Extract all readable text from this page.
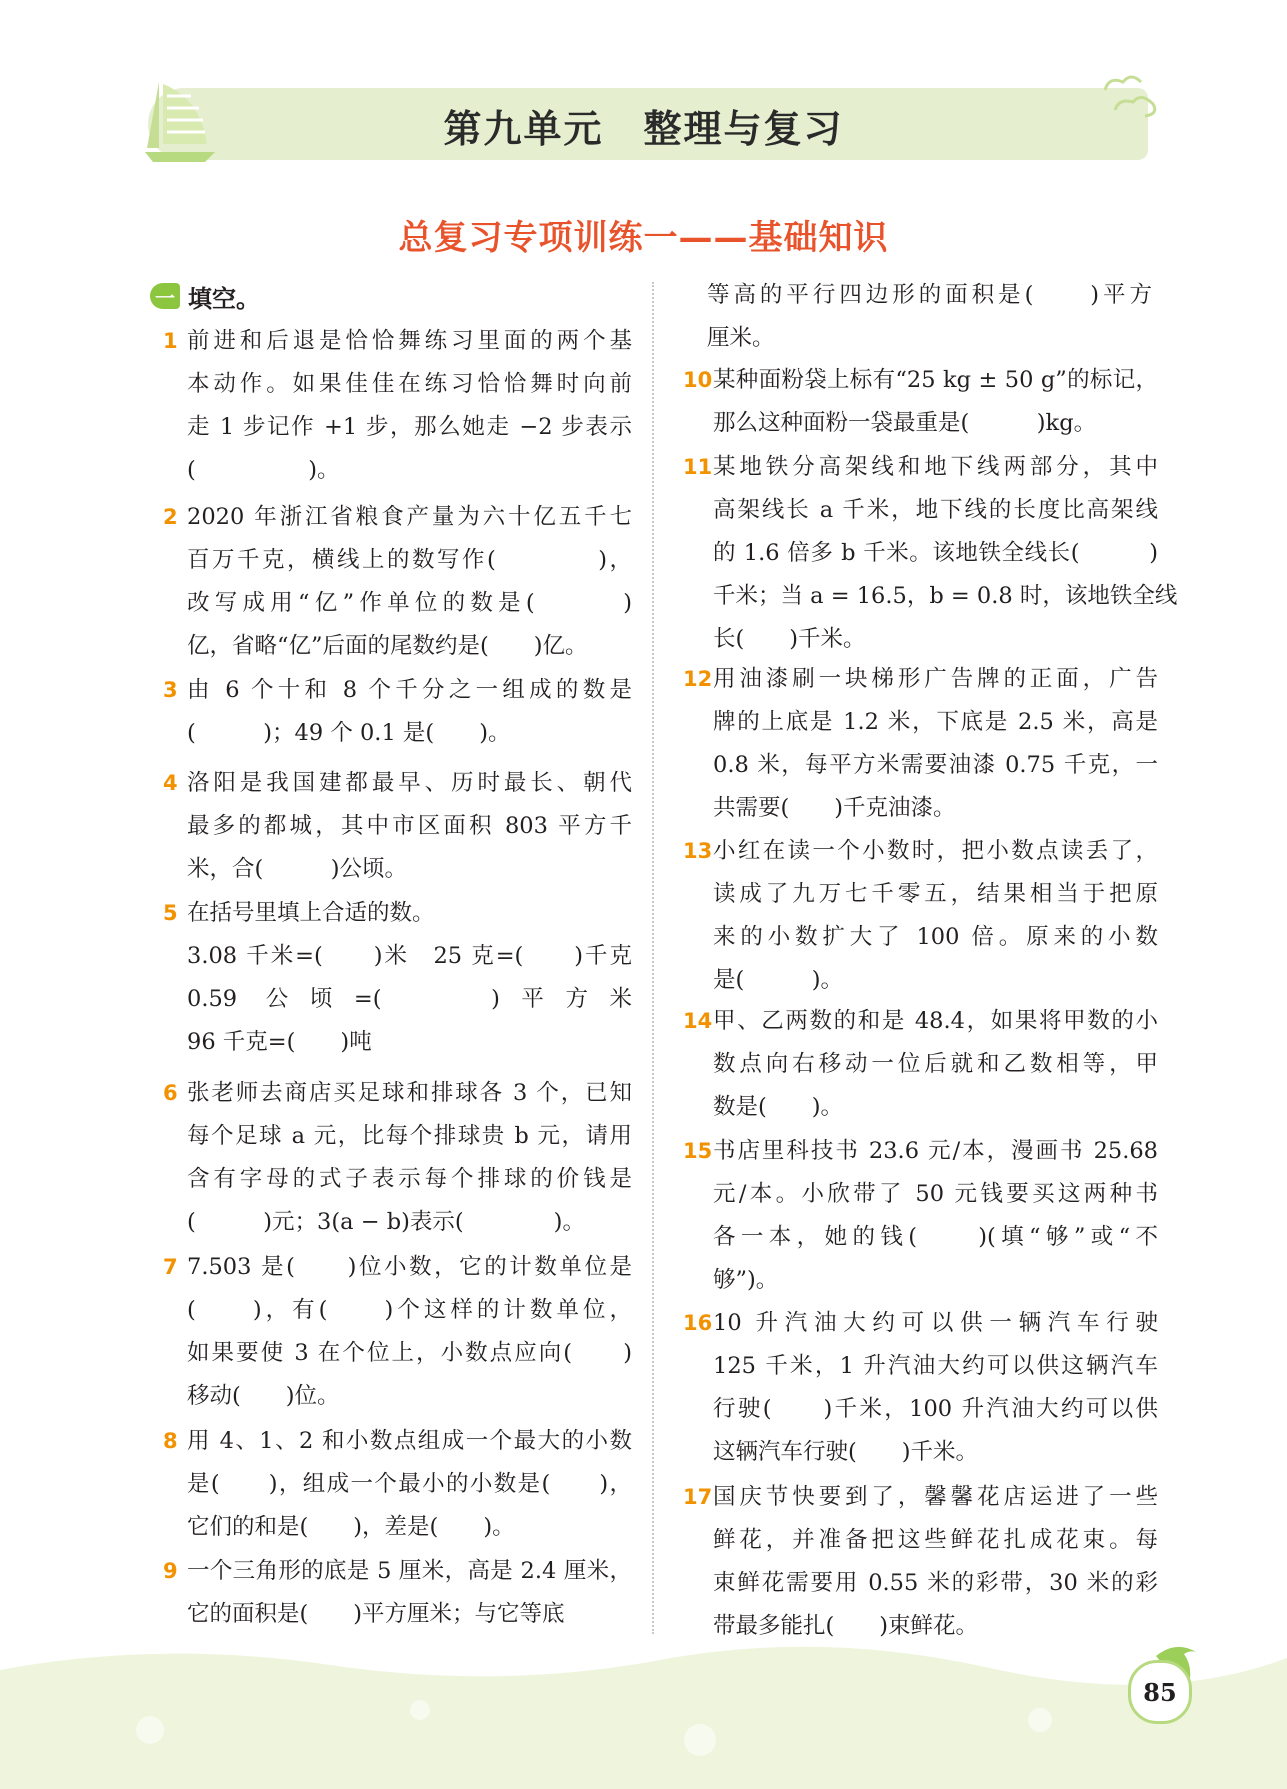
第九单元　整理与复习
总复习专项训练一——基础知识
一 填空。
1 前进和后退是恰恰舞练习里面的两个基
本动作。如果佳佳在练习恰恰舞时向前
走 1 步记作 +1 步，那么她走 −2 步表示
(　　　　　)。
2 2020 年浙江省粮食产量为六十亿五千七
百万千克，横线上的数写作(　　　　)，
改写成用“亿”作单位的数是(　　　)
亿，省略“亿”后面的尾数约是(　　)亿。
3 由 6 个十和 8 个千分之一组成的数是
(　　　)；49 个 0.1 是(　　)。
4 洛阳是我国建都最早、历时最长、朝代
最多的都城，其中市区面积 803 平方千
米，合(　　　)公顷。
5 在括号里填上合适的数。
3.08 千米=(　　)米　25 克=(　　)千克
0.59 公顷=(　　)平方米
96 千克=(　　)吨
6 张老师去商店买足球和排球各 3 个，已知
每个足球 a 元，比每个排球贵 b 元，请用
含有字母的式子表示每个排球的价钱是
(　　　)元；3(a − b)表示(　　　　)。
7 7.503 是(　　)位小数，它的计数单位是
(　　)，有(　　)个这样的计数单位，
如果要使 3 在个位上，小数点应向(　　)
移动(　　)位。
8 用 4、1、2 和小数点组成一个最大的小数
是(　　)，组成一个最小的小数是(　　)，
它们的和是(　　)，差是(　　)。
9 一个三角形的底是 5 厘米，高是 2.4 厘米，
它的面积是(　　)平方厘米；与它等底
等高的平行四边形的面积是(　　)平方
厘米。
10 某种面粉袋上标有“25 kg ± 50 g”的标记，
那么这种面粉一袋最重是(　　　)kg。
11 某地铁分高架线和地下线两部分，其中
高架线长 a 千米，地下线的长度比高架线
的 1.6 倍多 b 千米。该地铁全线长(　　　)
千米；当 a = 16.5，b = 0.8 时，该地铁全线
长(　　)千米。
12 用油漆刷一块梯形广告牌的正面，广告
牌的上底是 1.2 米，下底是 2.5 米，高是
0.8 米，每平方米需要油漆 0.75 千克，一
共需要(　　)千克油漆。
13 小红在读一个小数时，把小数点读丢了，
读成了九万七千零五，结果相当于把原
来的小数扩大了 100 倍。原来的小数
是(　　　)。
14 甲、乙两数的和是 48.4，如果将甲数的小
数点向右移动一位后就和乙数相等，甲
数是(　　)。
15 书店里科技书 23.6 元/本，漫画书 25.68
元/本。小欣带了 50 元钱要买这两种书
各一本，她的钱(　　)(填“够”或“不
够”)。
16 10 升汽油大约可以供一辆汽车行驶
125 千米，1 升汽油大约可以供这辆汽车
行驶(　　)千米，100 升汽油大约可以供
这辆汽车行驶(　　)千米。
17 国庆节快要到了，馨馨花店运进了一些
鲜花，并准备把这些鲜花扎成花束。每
束鲜花需要用 0.55 米的彩带，30 米的彩
带最多能扎(　　)束鲜花。
85
